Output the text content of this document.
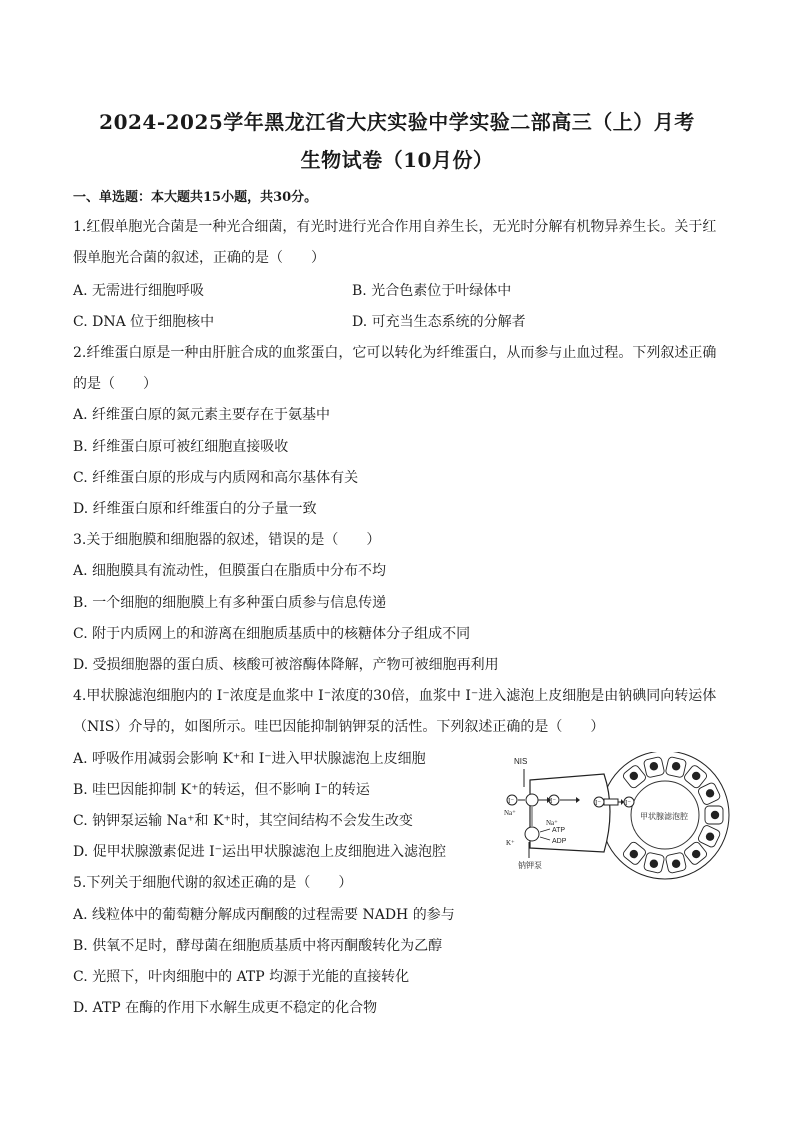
2024-2025学年黑龙江省大庆实验中学实验二部高三（上）月考
生物试卷（10月份）
一、单选题：本大题共15小题，共30分。
1.红假单胞光合菌是一种光合细菌，有光时进行光合作用自养生长，无光时分解有机物异养生长。关于红
假单胞光合菌的叙述，正确的是（　　）
A. 无需进行细胞呼吸	B. 光合色素位于叶绿体中
C. DNA 位于细胞核中	D. 可充当生态系统的分解者
2.纤维蛋白原是一种由肝脏合成的血浆蛋白，它可以转化为纤维蛋白，从而参与止血过程。下列叙述正确
的是（　　）
A. 纤维蛋白原的氮元素主要存在于氨基中
B. 纤维蛋白原可被红细胞直接吸收
C. 纤维蛋白原的形成与内质网和高尔基体有关
D. 纤维蛋白原和纤维蛋白的分子量一致
3.关于细胞膜和细胞器的叙述，错误的是（　　）
A. 细胞膜具有流动性，但膜蛋白在脂质中分布不均
B. 一个细胞的细胞膜上有多种蛋白质参与信息传递
C. 附于内质网上的和游离在细胞质基质中的核糖体分子组成不同
D. 受损细胞器的蛋白质、核酸可被溶酶体降解，产物可被细胞再利用
4.甲状腺滤泡细胞内的 I⁻浓度是血浆中 I⁻浓度的30倍，血浆中 I⁻进入滤泡上皮细胞是由钠碘同向转运体
（NIS）介导的，如图所示。哇巴因能抑制钠钾泵的活性。下列叙述正确的是（　　）
A. 呼吸作用减弱会影响 K⁺和 I⁻进入甲状腺滤泡上皮细胞
B. 哇巴因能抑制 K⁺的转运，但不影响 I⁻的转运
C. 钠钾泵运输 Na⁺和 K⁺时，其空间结构不会发生改变
D. 促甲状腺激素促进 I⁻运出甲状腺滤泡上皮细胞进入滤泡腔
5.下列关于细胞代谢的叙述正确的是（　　）
A. 线粒体中的葡萄糖分解成丙酮酸的过程需要 NADH 的参与
B. 供氧不足时，酵母菌在细胞质基质中将丙酮酸转化为乙醇
C. 光照下，叶肉细胞中的 ATP 均源于光能的直接转化
D. ATP 在酶的作用下水解生成更不稳定的化合物
NIS
I⁻	I⁻	I⁻	I⁻
Na⁺
Na⁺
ATP
ADP
K⁺
钠钾泵
甲状腺滤泡腔
